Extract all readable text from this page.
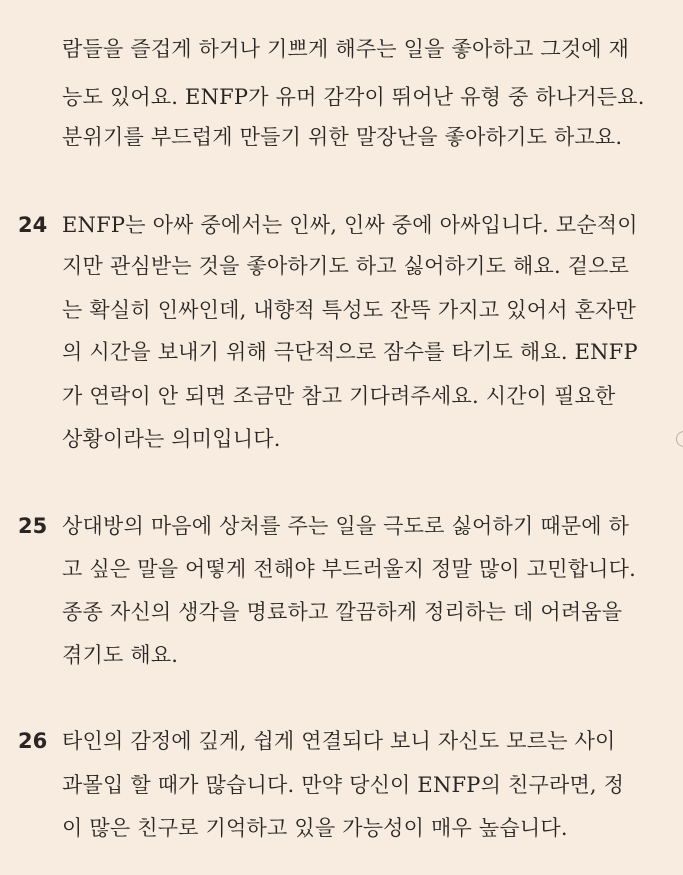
람들을 즐겁게 하거나 기쁘게 해주는 일을 좋아하고 그것에 재
능도 있어요. ENFP가 유머 감각이 뛰어난 유형 중 하나거든요.
분위기를 부드럽게 만들기 위한 말장난을 좋아하기도 하고요.
24 ENFP는 아싸 중에서는 인싸, 인싸 중에 아싸입니다. 모순적이
지만 관심받는 것을 좋아하기도 하고 싫어하기도 해요. 겉으로
는 확실히 인싸인데, 내향적 특성도 잔뜩 가지고 있어서 혼자만
의 시간을 보내기 위해 극단적으로 잠수를 타기도 해요. ENFP
가 연락이 안 되면 조금만 참고 기다려주세요. 시간이 필요한
상황이라는 의미입니다.
25 상대방의 마음에 상처를 주는 일을 극도로 싫어하기 때문에 하
고 싶은 말을 어떻게 전해야 부드러울지 정말 많이 고민합니다.
종종 자신의 생각을 명료하고 깔끔하게 정리하는 데 어려움을
겪기도 해요.
26 타인의 감정에 깊게, 쉽게 연결되다 보니 자신도 모르는 사이
과몰입 할 때가 많습니다. 만약 당신이 ENFP의 친구라면, 정
이 많은 친구로 기억하고 있을 가능성이 매우 높습니다.
